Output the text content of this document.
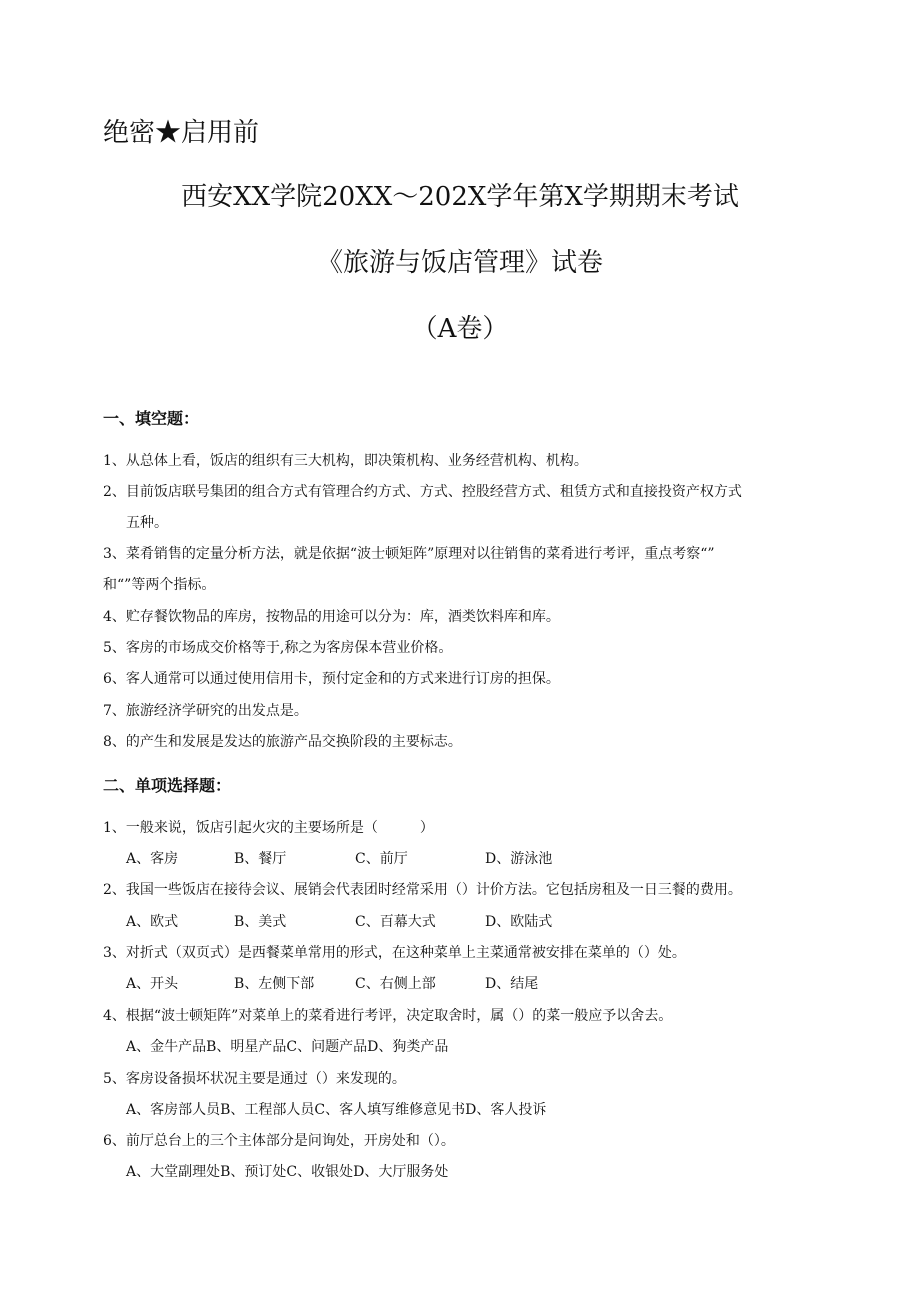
绝密★启用前
西安XX学院20XX～202X学年第X学期期末考试
《旅游与饭店管理》试卷
（A卷）
一、填空题：
1、从总体上看，饭店的组织有三大机构，即决策机构、业务经营机构、机构。
2、目前饭店联号集团的组合方式有管理合约方式、方式、控股经营方式、租赁方式和直接投资产权方式
五种。
3、菜肴销售的定量分析方法，就是依据“波士顿矩阵”原理对以往销售的菜肴进行考评，重点考察“”
和“”等两个指标。
4、贮存餐饮物品的库房，按物品的用途可以分为：库，酒类饮料库和库。
5、客房的市场成交价格等于,称之为客房保本营业价格。
6、客人通常可以通过使用信用卡，预付定金和的方式来进行订房的担保。
7、旅游经济学研究的出发点是。
8、的产生和发展是发达的旅游产品交换阶段的主要标志。
二、单项选择题：
1、一般来说，饭店引起火灾的主要场所是（　　　）
A、客房	B、餐厅	C、前厅	D、游泳池
2、我国一些饭店在接待会议、展销会代表团时经常采用（）计价方法。它包括房租及一日三餐的费用。
A、欧式	B、美式	C、百幕大式	D、欧陆式
3、对折式（双页式）是西餐菜单常用的形式，在这种菜单上主菜通常被安排在菜单的（）处。
A、开头	B、左侧下部	C、右侧上部	D、结尾
4、根据“波士顿矩阵”对菜单上的菜肴进行考评，决定取舍时，属（）的菜一般应予以舍去。
A、金牛产品B、明星产品C、问题产品D、狗类产品
5、客房设备损坏状况主要是通过（）来发现的。
A、客房部人员B、工程部人员C、客人填写维修意见书D、客人投诉
6、前厅总台上的三个主体部分是问询处，开房处和（）。
A、大堂副理处B、预订处C、收银处D、大厅服务处
